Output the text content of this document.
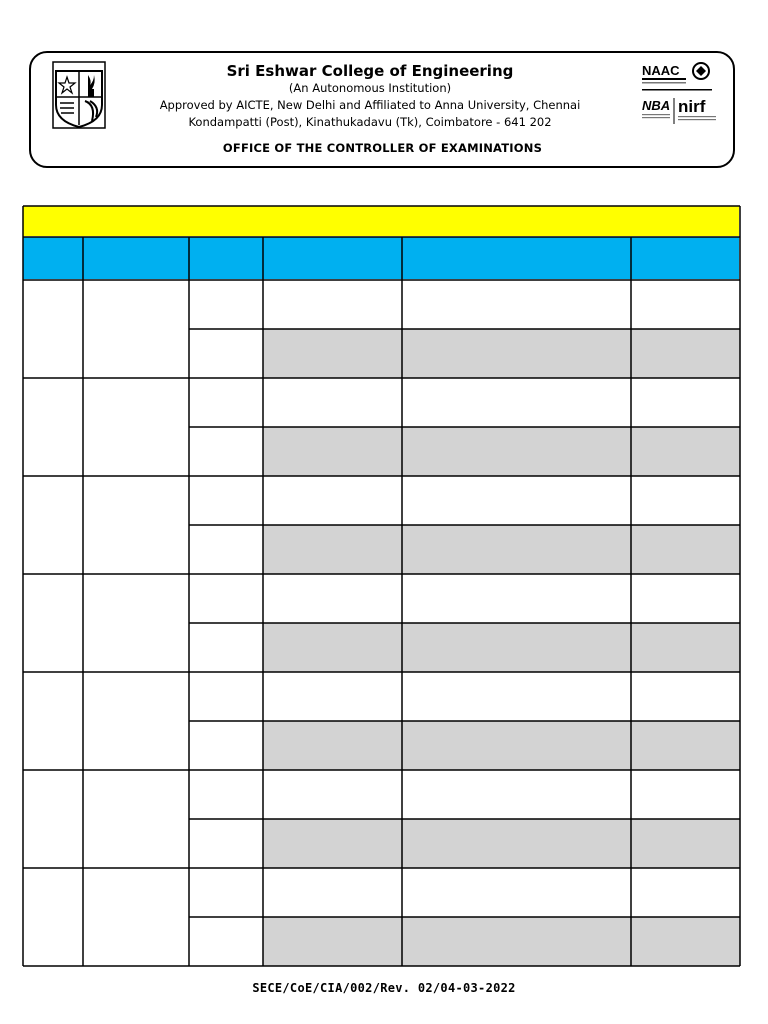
Sri Eshwar College of Engineering

(An Autonomous Institution)

Approved by AICTE, New Delhi and Affiliated to Anna University, Chennai

Kondampatti (Post), Kinathukadavu (Tk), Coimbatore - 641 202

OFFICE OF THE CONTROLLER OF EXAMINATIONS
NAAC
NBA nirf
SECE/CoE/CIA/002/Rev. 02/04-03-2022
